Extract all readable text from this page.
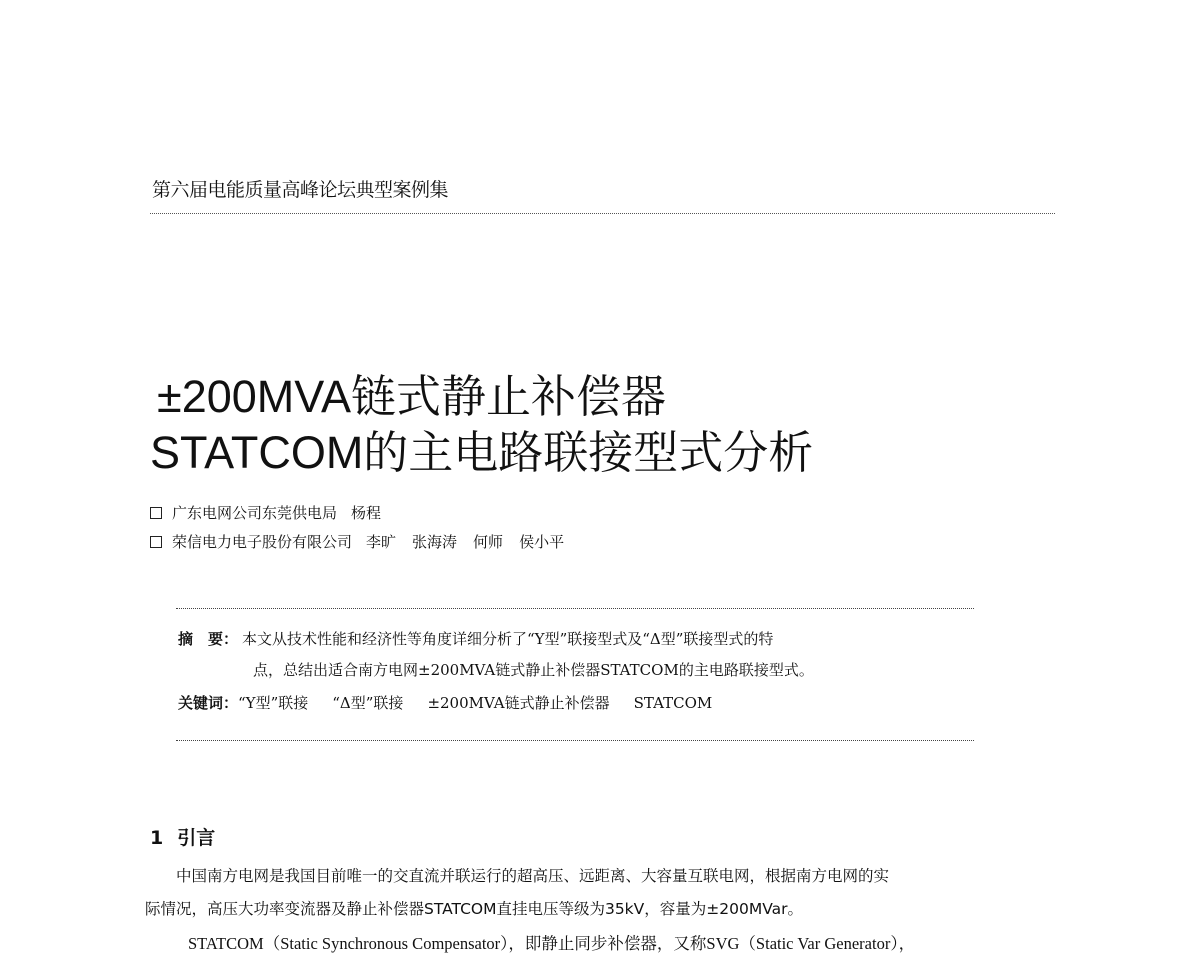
第六届电能质量高峰论坛典型案例集
±200MVA链式静止补偿器
STATCOM的主电路联接型式分析
广东电网公司东莞供电局 杨程
荣信电力电子股份有限公司 李旷 张海涛 何师 侯小平
摘　要： 本文从技术性能和经济性等角度详细分析了“Y型”联接型式及“Δ型”联接型式的特
点，总结出适合南方电网±200MVA链式静止补偿器STATCOM的主电路联接型式。
关键词：“Y型”联接 “Δ型”联接 ±200MVA链式静止补偿器 STATCOM
1 引言
中国南方电网是我国目前唯一的交直流并联运行的超高压、远距离、大容量互联电网，根据南方电网的实
际情况，高压大功率变流器及静止补偿器STATCOM直挂电压等级为35kV，容量为±200MVar。
STATCOM（Static Synchronous Compensator），即静止同步补偿器，又称SVG（Static Var Generator），
